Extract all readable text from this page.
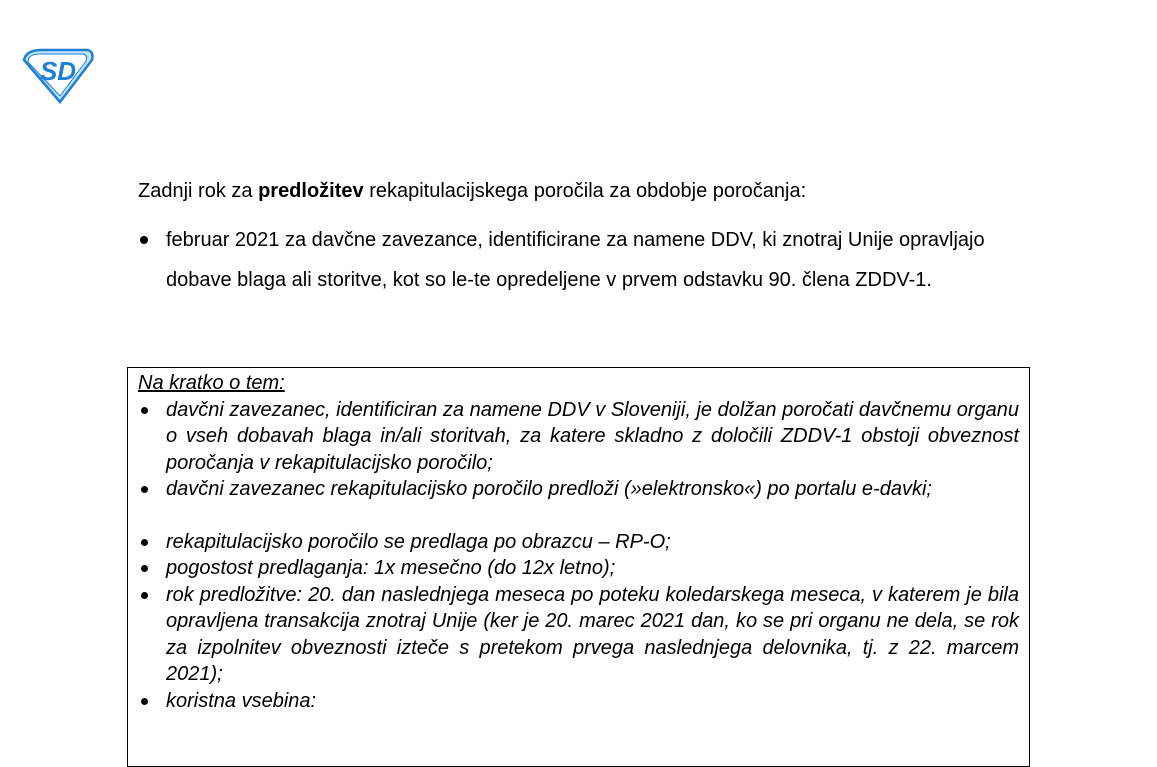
SD

Zadnji rok za predložitev rekapitulacijskega poročila za obdobje poročanja:

februar 2021 za davčne zavezance, identificirane za namene DDV, ki znotraj Unije opravljajo dobave blaga ali storitve, kot so le-te opredeljene v prvem odstavku 90. člena ZDDV-1.

Na kratko o tem:

davčni zavezanec, identificiran za namene DDV v Sloveniji, je dolžan poročati davčnemu organu o vseh dobavah blaga in/ali storitvah, za katere skladno z določili ZDDV-1 obstoji obveznost poročanja v rekapitulacijsko poročilo;
davčni zavezanec rekapitulacijsko poročilo predloži (»elektronsko«) po portalu e-davki;
rekapitulacijsko poročilo se predlaga po obrazcu – RP-O;
pogostost predlaganja: 1x mesečno (do 12x letno);
rok predložitve: 20. dan naslednjega meseca po poteku koledarskega meseca, v katerem je bila opravljena transakcija znotraj Unije (ker je 20. marec 2021 dan, ko se pri organu ne dela, se rok za izpolnitev obveznosti izteče s pretekom prvega naslednjega delovnika, tj. z 22. marcem 2021);
koristna vsebina:
